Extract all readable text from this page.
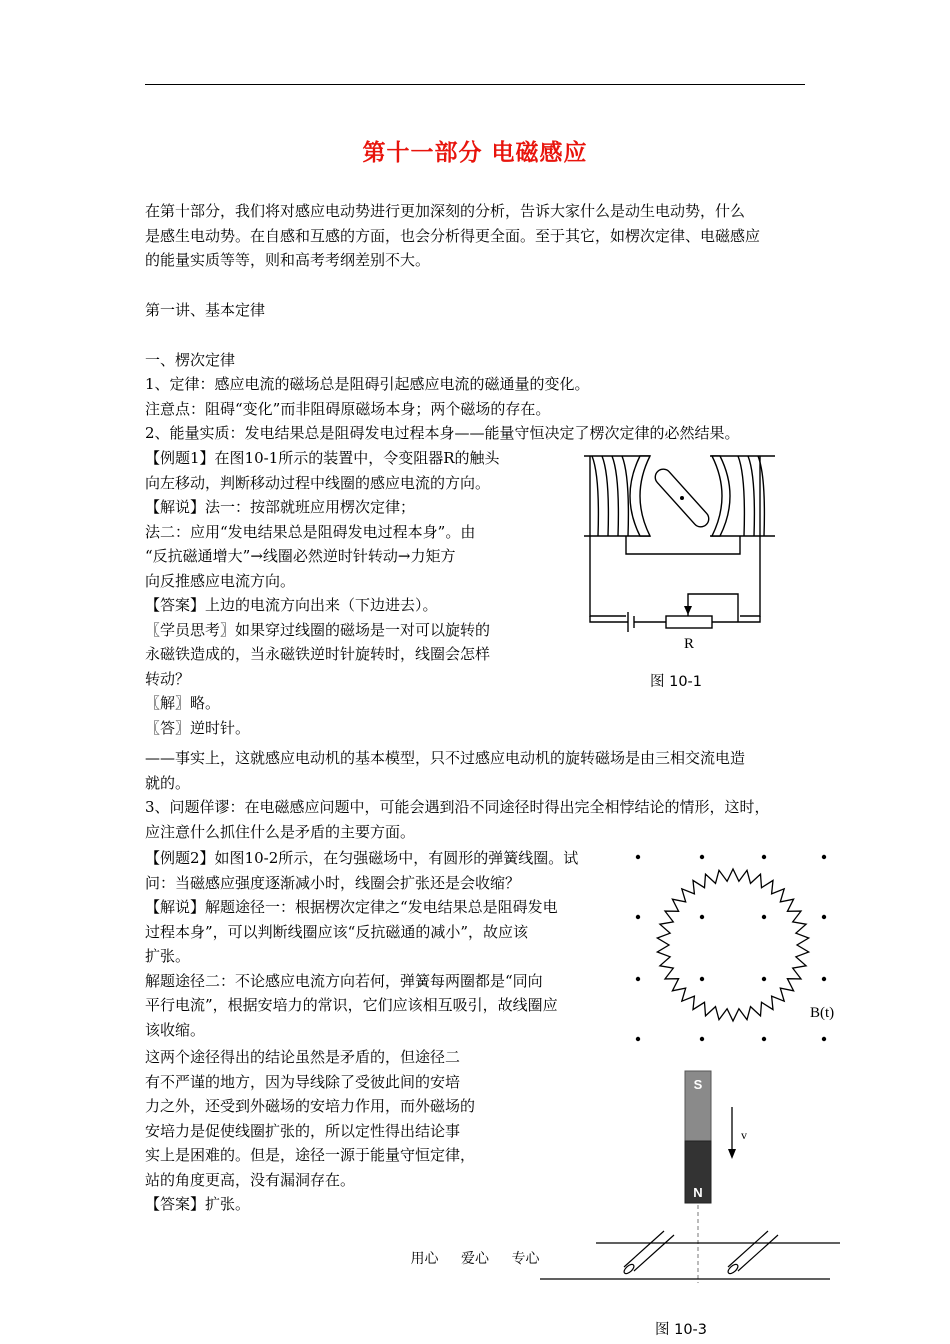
第十一部分 电磁感应
在第十部分，我们将对感应电动势进行更加深刻的分析，告诉大家什么是动生电动势，什么
是感生电动势。在自感和互感的方面，也会分析得更全面。至于其它，如楞次定律、电磁感应
的能量实质等等，则和高考考纲差别不大。
第一讲、基本定律
一、楞次定律
1、定律：感应电流的磁场总是阻碍引起感应电流的磁通量的变化。
注意点：阻碍“变化”而非阻碍原磁场本身；两个磁场的存在。
2、能量实质：发电结果总是阻碍发电过程本身——能量守恒决定了楞次定律的必然结果。
【例题1】在图10-1所示的装置中，令变阻器R的触头
向左移动，判断移动过程中线圈的感应电流的方向。
【解说】法一：按部就班应用楞次定律；
法二：应用“发电结果总是阻碍发电过程本身”。由
“反抗磁通增大”→线圈必然逆时针转动→力矩方
向反推感应电流方向。
【答案】上边的电流方向出来（下边进去）。
〖学员思考〗如果穿过线圈的磁场是一对可以旋转的
永磁铁造成的，当永磁铁逆时针旋转时，线圈会怎样
转动？
〖解〗略。
〖答〗逆时针。
——事实上，这就感应电动机的基本模型，只不过感应电动机的旋转磁场是由三相交流电造
就的。
3、问题佯谬：在电磁感应问题中，可能会遇到沿不同途径时得出完全相悖结论的情形，这时，
应注意什么抓住什么是矛盾的主要方面。
【例题2】如图10-2所示，在匀强磁场中，有圆形的弹簧线圈。试
问：当磁感应强度逐渐减小时，线圈会扩张还是会收缩？
【解说】解题途径一：根据楞次定律之“发电结果总是阻碍发电
过程本身”，可以判断线圈应该“反抗磁通的减小”，故应该
扩张。
解题途径二：不论感应电流方向若何，弹簧每两圈都是“同向
平行电流”，根据安培力的常识，它们应该相互吸引，故线圈应
该收缩。
这两个途径得出的结论虽然是矛盾的，但途径二
有不严谨的地方，因为导线除了受彼此间的安培
力之外，还受到外磁场的安培力作用，而外磁场的
安培力是促使线圈扩张的，所以定性得出结论事
实上是困难的。但是，途径一源于能量守恒定律，
站的角度更高，没有漏洞存在。
【答案】扩张。
R
图 10-1
B(t)
S
N
v
图 10-3
用心 爱心 专心
